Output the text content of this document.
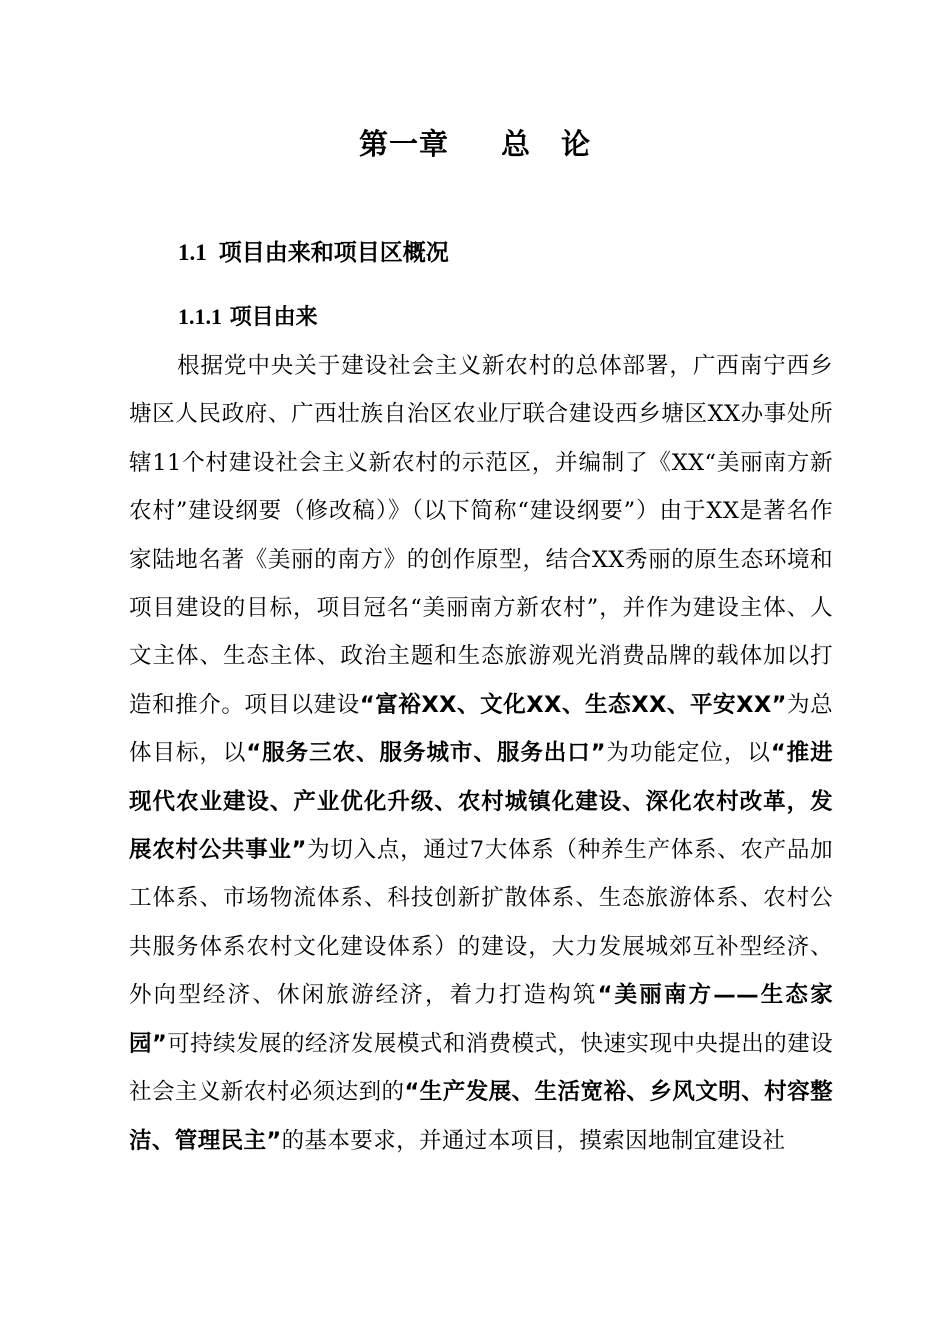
第一章 总　论
1.1 项目由来和项目区概况
1.1.1 项目由来

根据党中央关于建设社会主义新农村的总体部署，广西南宁西乡塘区人民政府、广西壮族自治区农业厅联合建设西乡塘区XX办事处所辖11个村建设社会主义新农村的示范区，并编制了《XX“美丽南方新农村”建设纲要（修改稿）》（以下简称“建设纲要”）由于XX是著名作家陆地名著《美丽的南方》的创作原型，结合XX秀丽的原生态环境和项目建设的目标，项目冠名“美丽南方新农村”，并作为建设主体、人文主体、生态主体、政治主题和生态旅游观光消费品牌的载体加以打造和推介。项目以建设“富裕XX、文化XX、生态XX、平安XX”为总体目标，以“服务三农、服务城市、服务出口”为功能定位，以“推进现代农业建设、产业优化升级、农村城镇化建设、深化农村改革，发展农村公共事业”为切入点，通过7大体系（种养生产体系、农产品加工体系、市场物流体系、科技创新扩散体系、生态旅游体系、农村公共服务体系农村文化建设体系）的建设，大力发展城郊互补型经济、外向型经济、休闲旅游经济，着力打造构筑“美丽南方——生态家园”可持续发展的经济发展模式和消费模式，快速实现中央提出的建设社会主义新农村必须达到的“生产发展、生活宽裕、乡风文明、村容整洁、管理民主”的基本要求，并通过本项目，摸索因地制宜建设社
